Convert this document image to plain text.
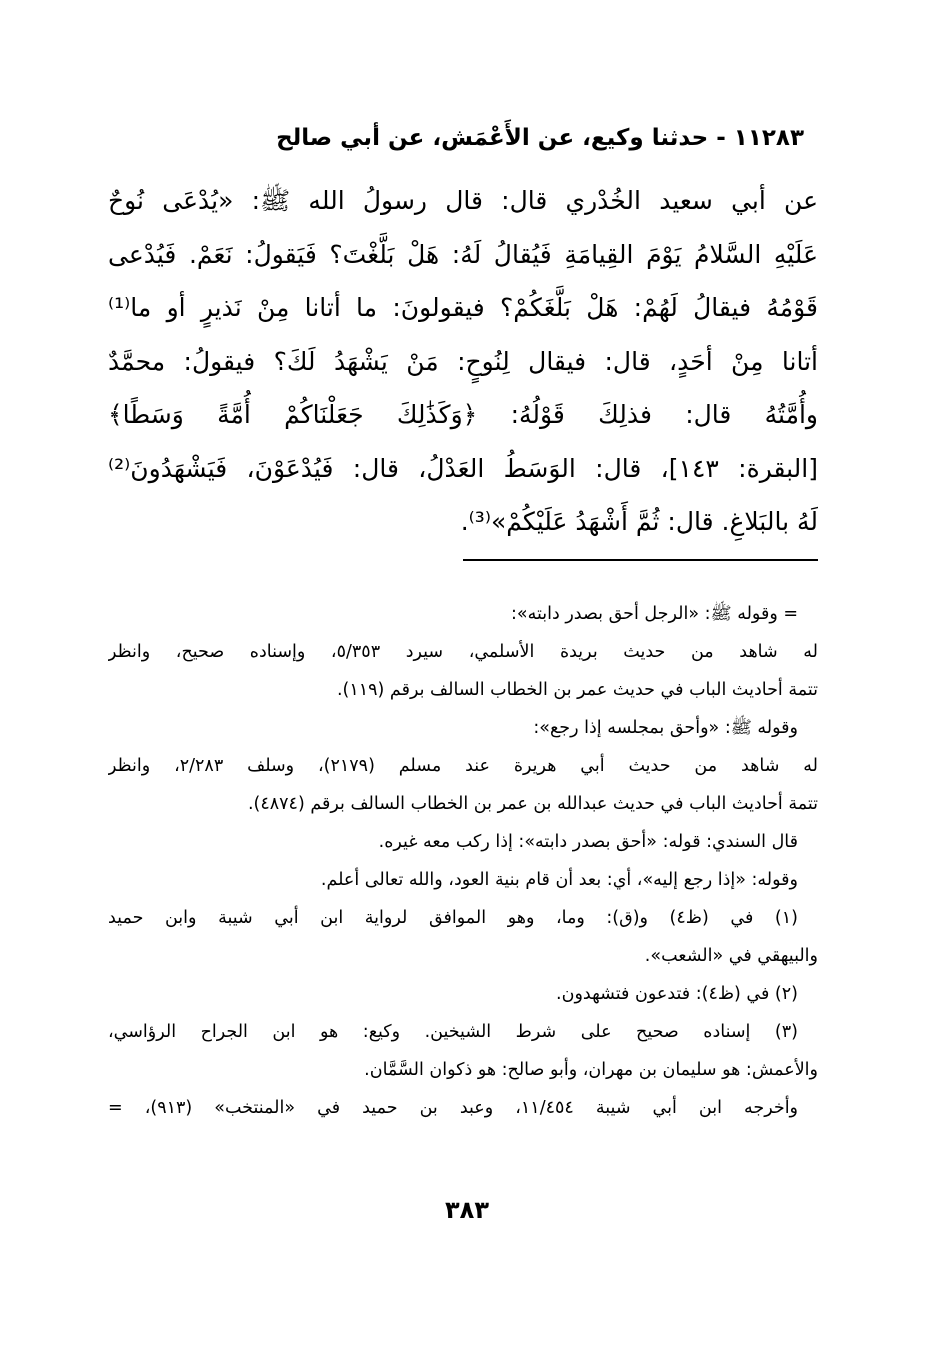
١١٢٨٣ - حدثنا وكيع، عن الأَعْمَش، عن أبي صالح
عن أبي سعيد الخُدْري قال: قال رسولُ الله ﷺ: «يُدْعَى نُوحٌ
عَلَيْهِ السَّلامُ يَوْمَ القِيامَةِ فَيُقالُ لَهُ: هَلْ بَلَّغْتَ؟ فَيَقولُ: نَعَمْ. فَيُدْعى
قَوْمُهُ فيقالُ لَهُمْ: هَلْ بَلَّغَكُمْ؟ فيقولونَ: ما أتانا مِنْ نَذيرٍ أو ما⁽¹⁾
أتانا مِنْ أحَدٍ، قال: فيقال لِنُوحٍ: مَنْ يَشْهَدُ لَكَ؟ فيقولُ: محمَّدٌ
وأُمَّتُهُ قال: فذلِكَ قَوْلُهُ: ﴿وَكَذَٰلِكَ جَعَلْنَاكُمْ أُمَّةً وَسَطًا﴾
[البقرة: ١٤٣]، قال: الوَسَطُ العَدْلُ، قال: فَيُدْعَوْنَ، فَيَشْهَدُونَ⁽²⁾
لَهُ بالبَلاغِ. قال: ثُمَّ أَشْهَدُ عَلَيْكُمْ»⁽³⁾.
= وقوله ﷺ: «الرجل أحق بصدر دابته»:
له شاهد من حديث بريدة الأسلمي، سيرد ٥/٣٥٣، وإسناده صحيح، وانظر
تتمة أحاديث الباب في حديث عمر بن الخطاب السالف برقم (١١٩).
وقوله ﷺ: «وأحق بمجلسه إذا رجع»:
له شاهد من حديث أبي هريرة عند مسلم (٢١٧٩)، وسلف ٢/٢٨٣، وانظر
تتمة أحاديث الباب في حديث عبدالله بن عمر بن الخطاب السالف برقم (٤٨٧٤).
قال السندي: قوله: «أحق بصدر دابته»: إذا ركب معه غيره.
وقوله: «إذا رجع إليه»، أي: بعد أن قام بنية العود، والله تعالى أعلم.
(١) في (ظ٤) و(ق): وما، وهو الموافق لرواية ابن أبي شيبة وابن حميد
والبيهقي في «الشعب».
(٢) في (ظ٤): فتدعون فتشهدون.
(٣) إسناده صحيح على شرط الشيخين. وكيع: هو ابن الجراح الرؤاسي،
والأعمش: هو سليمان بن مهران، وأبو صالح: هو ذكوان السَّمَّان.
وأخرجه ابن أبي شيبة ١١/٤٥٤، وعبد بن حميد في «المنتخب» (٩١٣)، =
٣٨٣
